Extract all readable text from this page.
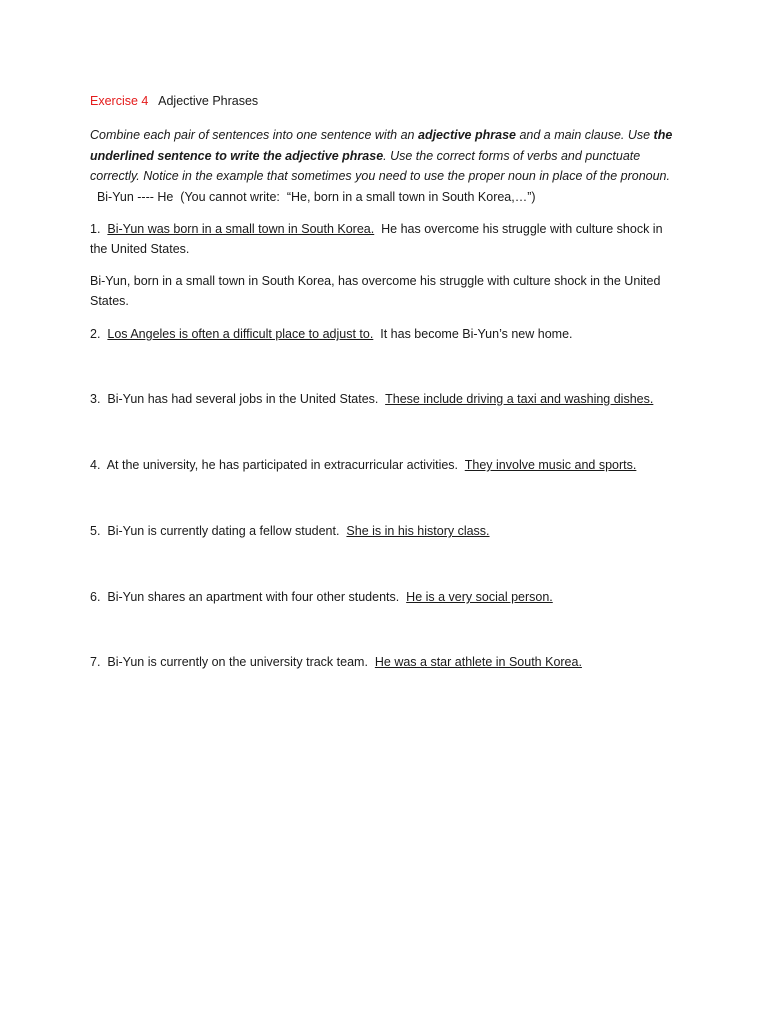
Exercise 4 Adjective Phrases
Combine each pair of sentences into one sentence with an adjective phrase and a main clause. Use the underlined sentence to write the adjective phrase. Use the correct forms of verbs and punctuate correctly. Notice in the example that sometimes you need to use the proper noun in place of the pronoun.  Bi-Yun ---- He  (You cannot write:  “He, born in a small town in South Korea,…”)
1. Bi-Yun was born in a small town in South Korea. He has overcome his struggle with culture shock in the United States.
Bi-Yun, born in a small town in South Korea, has overcome his struggle with culture shock in the United States.
2. Los Angeles is often a difficult place to adjust to. It has become Bi-Yun’s new home.
3. Bi-Yun has had several jobs in the United States. These include driving a taxi and washing dishes.
4. At the university, he has participated in extracurricular activities. They involve music and sports.
5. Bi-Yun is currently dating a fellow student. She is in his history class.
6. Bi-Yun shares an apartment with four other students. He is a very social person.
7. Bi-Yun is currently on the university track team. He was a star athlete in South Korea.
